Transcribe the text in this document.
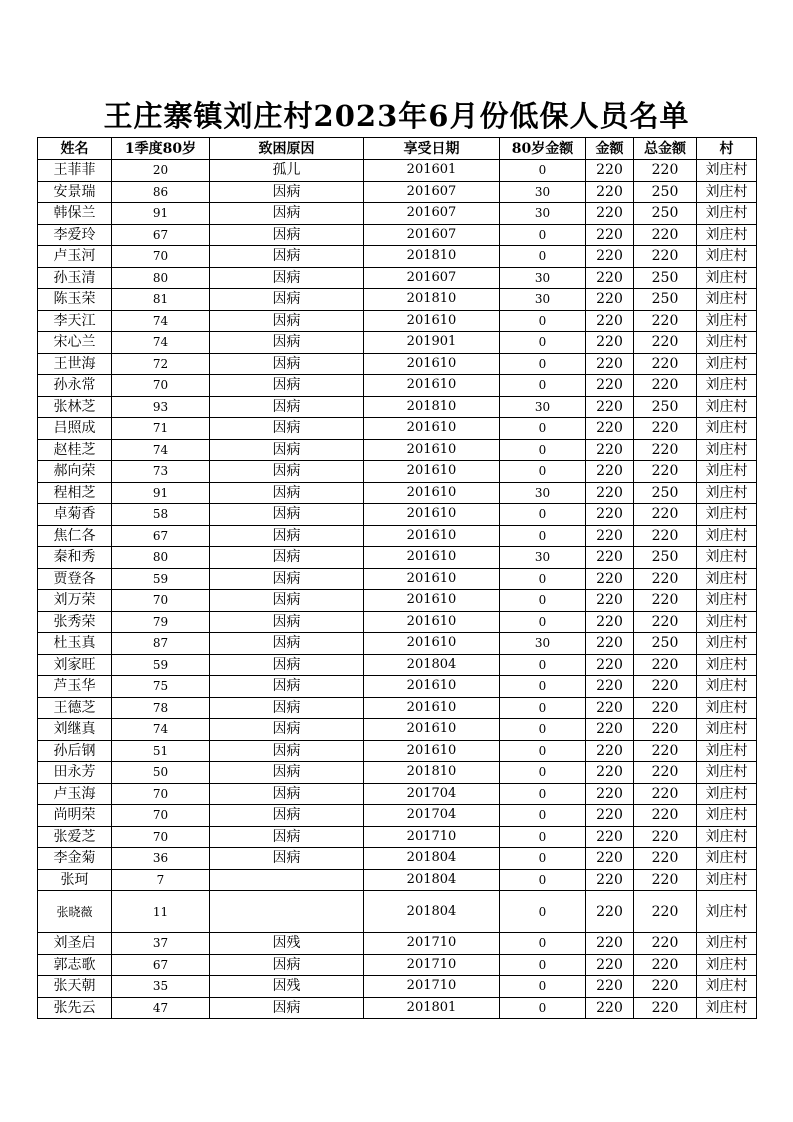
王庄寨镇刘庄村2023年6月份低保人员名单
姓名	1季度80岁	致困原因	享受日期	80岁金额	金额	总金额	村
王菲菲	20	孤儿	201601	0	220	220	刘庄村
安景瑞	86	因病	201607	30	220	250	刘庄村
韩保兰	91	因病	201607	30	220	250	刘庄村
李爱玲	67	因病	201607	0	220	220	刘庄村
卢玉河	70	因病	201810	0	220	220	刘庄村
孙玉清	80	因病	201607	30	220	250	刘庄村
陈玉荣	81	因病	201810	30	220	250	刘庄村
李天江	74	因病	201610	0	220	220	刘庄村
宋心兰	74	因病	201901	0	220	220	刘庄村
王世海	72	因病	201610	0	220	220	刘庄村
孙永常	70	因病	201610	0	220	220	刘庄村
张林芝	93	因病	201810	30	220	250	刘庄村
吕照成	71	因病	201610	0	220	220	刘庄村
赵桂芝	74	因病	201610	0	220	220	刘庄村
郝向荣	73	因病	201610	0	220	220	刘庄村
程相芝	91	因病	201610	30	220	250	刘庄村
卓菊香	58	因病	201610	0	220	220	刘庄村
焦仁各	67	因病	201610	0	220	220	刘庄村
秦和秀	80	因病	201610	30	220	250	刘庄村
贾登各	59	因病	201610	0	220	220	刘庄村
刘万荣	70	因病	201610	0	220	220	刘庄村
张秀荣	79	因病	201610	0	220	220	刘庄村
杜玉真	87	因病	201610	30	220	250	刘庄村
刘家旺	59	因病	201804	0	220	220	刘庄村
芦玉华	75	因病	201610	0	220	220	刘庄村
王德芝	78	因病	201610	0	220	220	刘庄村
刘继真	74	因病	201610	0	220	220	刘庄村
孙后钢	51	因病	201610	0	220	220	刘庄村
田永芳	50	因病	201810	0	220	220	刘庄村
卢玉海	70	因病	201704	0	220	220	刘庄村
尚明荣	70	因病	201704	0	220	220	刘庄村
张爱芝	70	因病	201710	0	220	220	刘庄村
李金菊	36	因病	201804	0	220	220	刘庄村
张珂	7		201804	0	220	220	刘庄村
张晓薇	11		201804	0	220	220	刘庄村
刘圣启	37	因残	201710	0	220	220	刘庄村
郭志歌	67	因病	201710	0	220	220	刘庄村
张天朝	35	因残	201710	0	220	220	刘庄村
张先云	47	因病	201801	0	220	220	刘庄村
